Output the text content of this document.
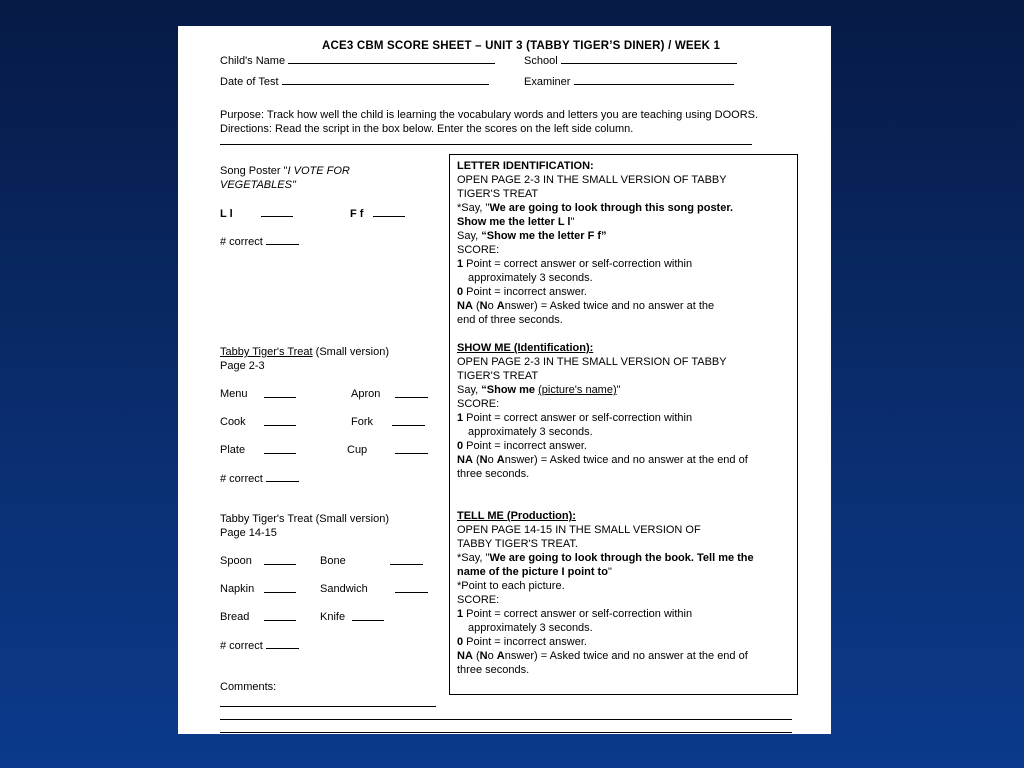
ACE3 CBM SCORE SHEET – UNIT 3 (TABBY TIGER’S DINER) / WEEK 1
Child's Name	School
Date of Test	Examiner
Purpose: Track how well the child is learning the vocabulary words and letters you are teaching using DOORS.
Directions: Read the script in the box below. Enter the scores on the left side column.
Song Poster "I VOTE FOR
VEGETABLES"
L l	F f
# correct
Tabby Tiger's Treat (Small version)
Page 2-3
Menu	Apron
Cook	Fork
Plate	Cup
# correct
Tabby Tiger's Treat (Small version)
Page 14-15
Spoon	Bone
Napkin	Sandwich
Bread	Knife
# correct
Comments:

LETTER IDENTIFICATION:

OPEN PAGE 2-3 IN THE SMALL VERSION OF TABBY

TIGER'S TREAT

*Say, "We are going to look through this song poster.

Show me the letter L l"

Say, “Show me the letter F f”

SCORE:

1 Point = correct answer or self-correction within

approximately 3 seconds.

0 Point = incorrect answer.

NA (No Answer) = Asked twice and no answer at the

end of three seconds.

SHOW ME (Identification):

OPEN PAGE 2-3 IN THE SMALL VERSION OF TABBY

TIGER'S TREAT

Say, “Show me (picture's name)"

SCORE:

1 Point = correct answer or self-correction within

approximately 3 seconds.

0 Point = incorrect answer.

NA (No Answer) = Asked twice and no answer at the end of

three seconds.

TELL ME (Production):

OPEN PAGE 14-15 IN THE SMALL VERSION OF

TABBY TIGER'S TREAT.

*Say, "We are going to look through the book. Tell me the

name of the picture I point to"

*Point to each picture.

SCORE:

1 Point = correct answer or self-correction within

approximately 3 seconds.

0 Point = incorrect answer.

NA (No Answer) = Asked twice and no answer at the end of

three seconds.
